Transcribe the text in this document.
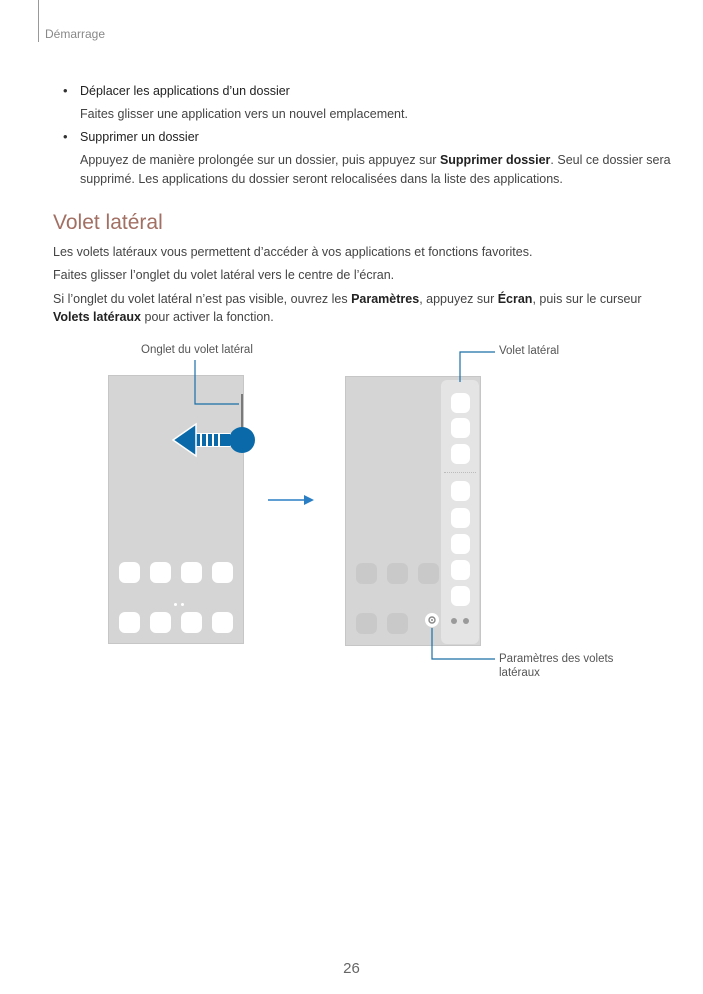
Démarrage
• Déplacer les applications d’un dossier
Faites glisser une application vers un nouvel emplacement.
• Supprimer un dossier
Appuyez de manière prolongée sur un dossier, puis appuyez sur Supprimer dossier. Seul ce dossier sera
supprimé. Les applications du dossier seront relocalisées dans la liste des applications.
Volet latéral
Les volets latéraux vous permettent d’accéder à vos applications et fonctions favorites.
Faites glisser l’onglet du volet latéral vers le centre de l’écran.
Si l’onglet du volet latéral n’est pas visible, ouvrez les Paramètres, appuyez sur Écran, puis sur le curseur
Volets latéraux pour activer la fonction.
Onglet du volet latéral	Volet latéral
Paramètres des volets
latéraux
26
